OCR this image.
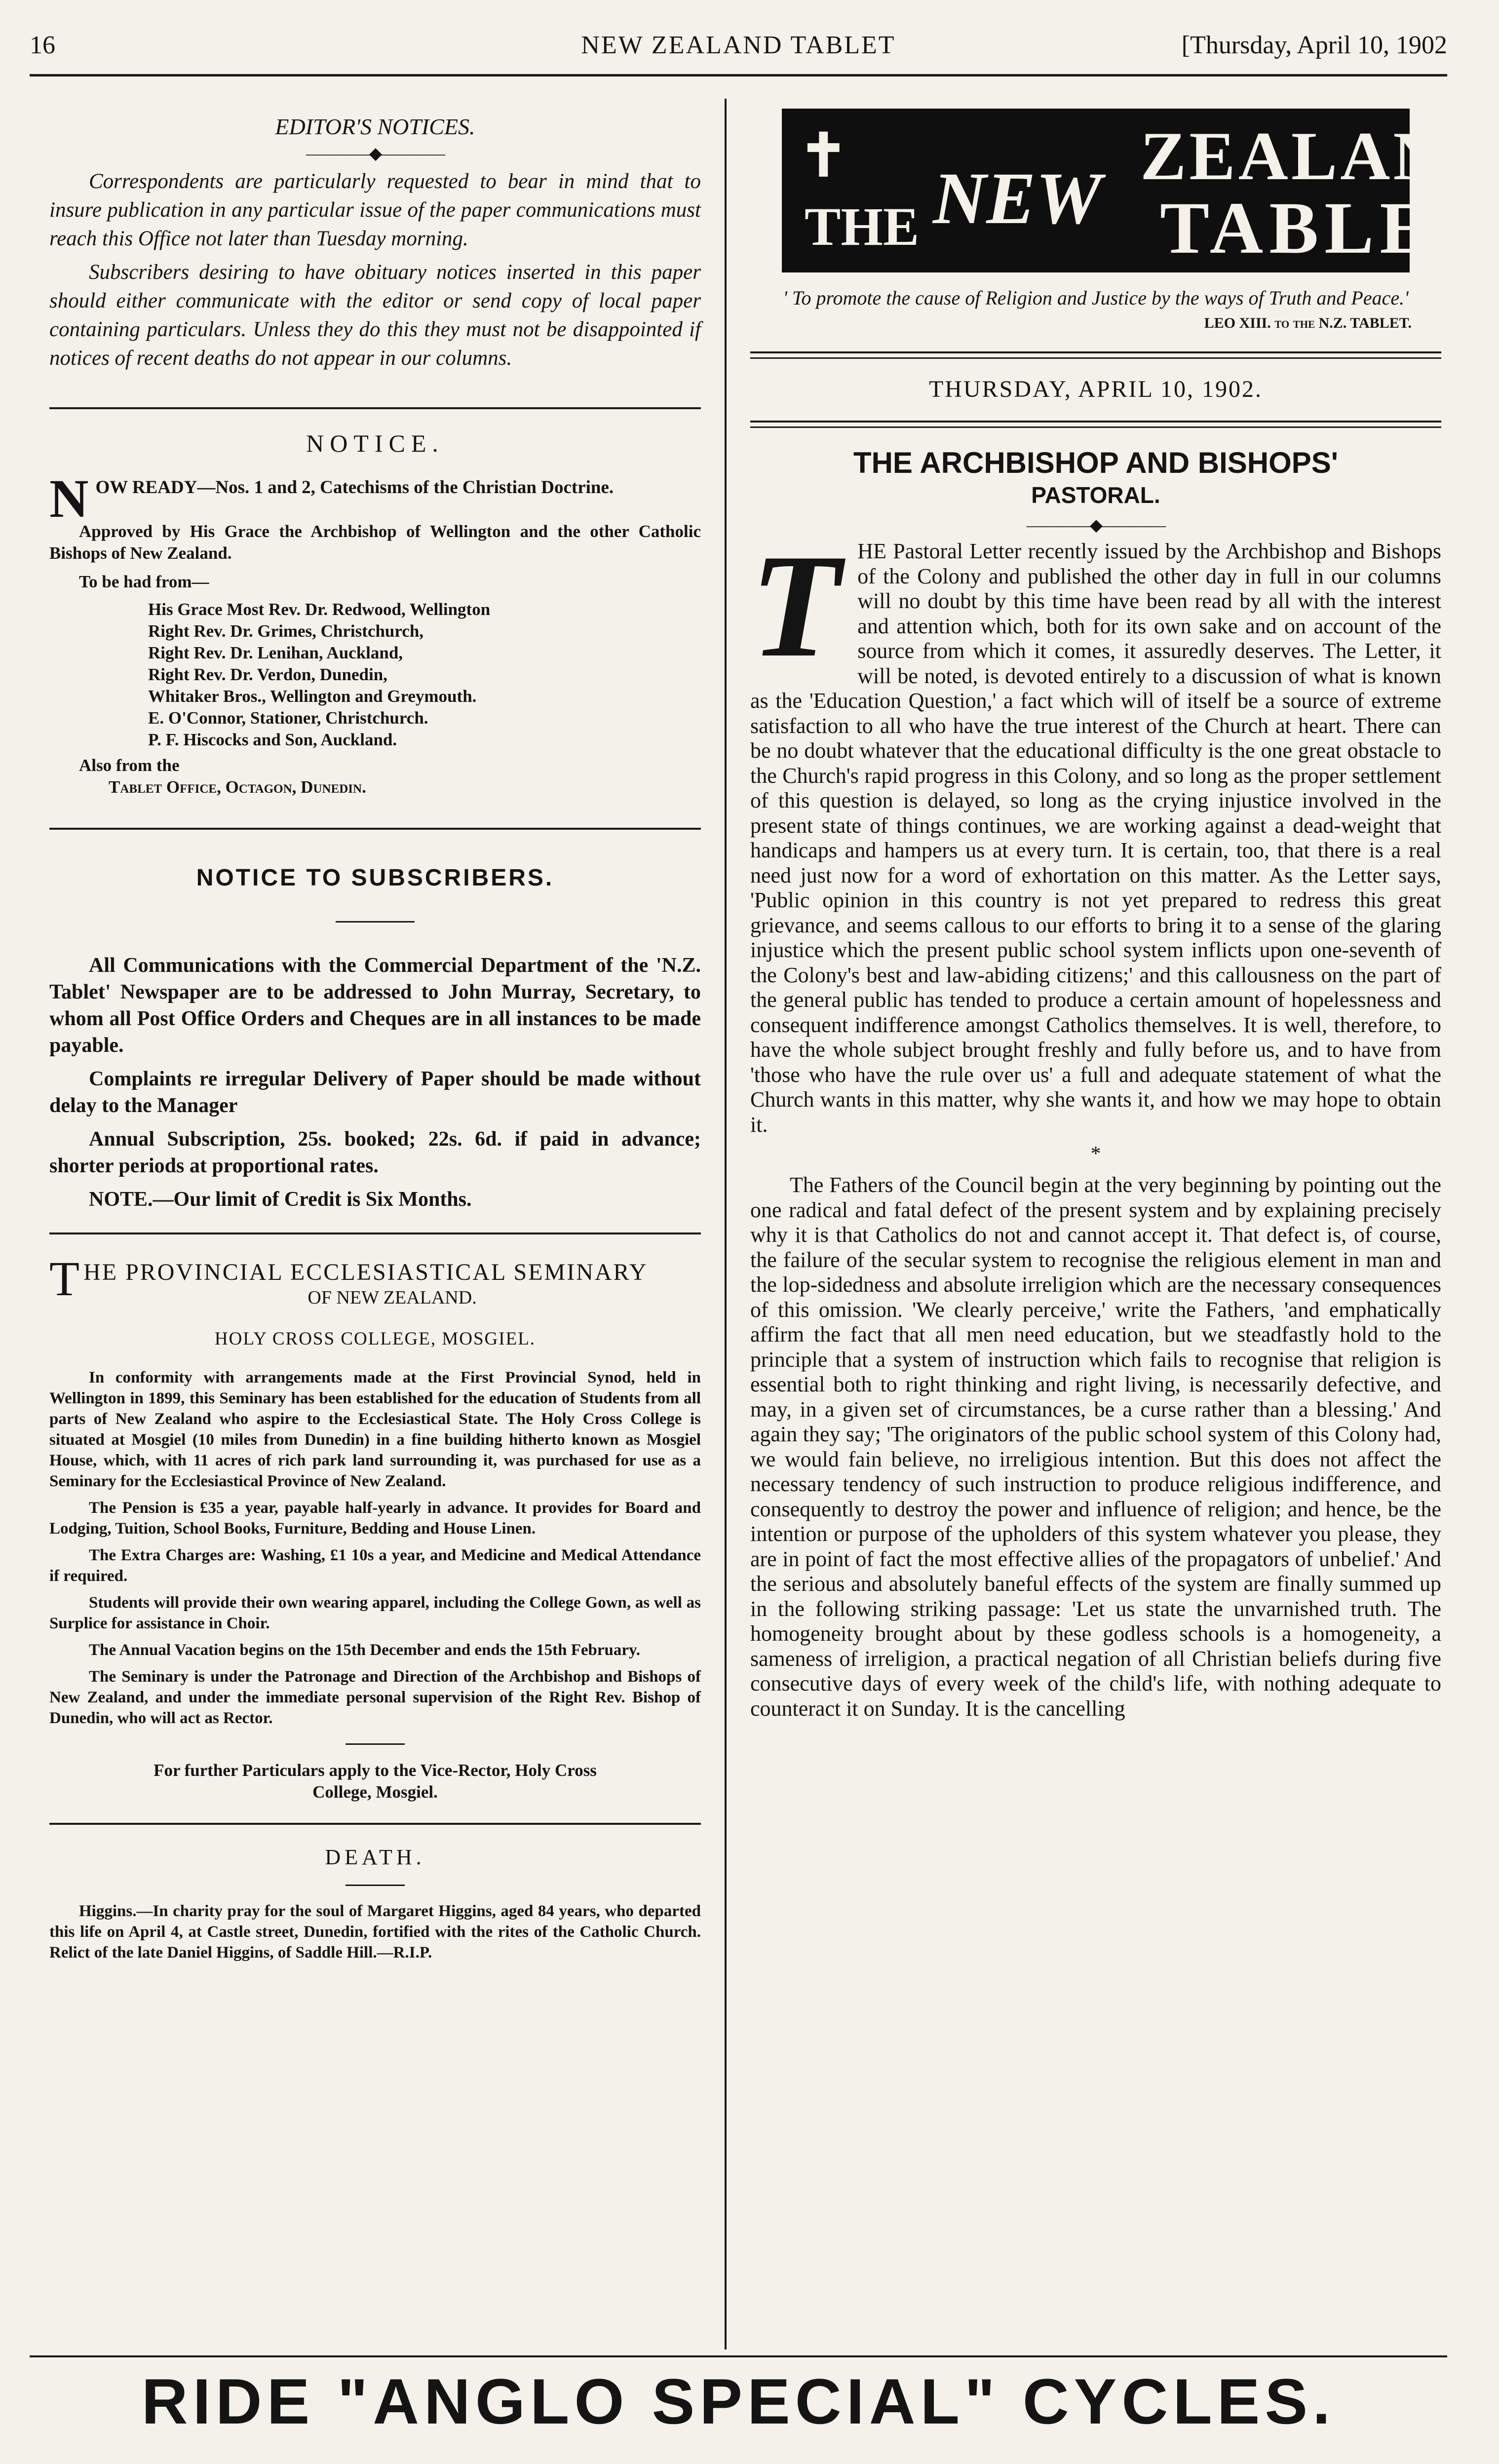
16	NEW ZEALAND TABLET	[Thursday, April 10, 1902
EDITOR'S NOTICES.
————◆————

Correspondents are particularly requested to bear in mind that to insure publication in any particular issue of the paper communications must reach this Office not later than Tuesday morning.

Subscribers desiring to have obituary notices inserted in this paper should either communicate with the editor or send copy of local paper containing particulars. Unless they do this they must not be disappointed if notices of recent deaths do not appear in our columns.

NOTICE.
N OW READY—Nos. 1 and 2, Catechisms of the Christian Doctrine.

Approved by His Grace the Archbishop of Wellington and the other Catholic Bishops of New Zealand.

To be had from—

His Grace Most Rev. Dr. Redwood, Wellington
Right Rev. Dr. Grimes, Christchurch,
Right Rev. Dr. Lenihan, Auckland,
Right Rev. Dr. Verdon, Dunedin,
Whitaker Bros., Wellington and Greymouth.
E. O'Connor, Stationer, Christchurch.
P. F. Hiscocks and Son, Auckland.

Also from the

Tablet Office, Octagon, Dunedin.

NOTICE TO SUBSCRIBERS.

All Communications with the Commercial Department of the 'N.Z. Tablet' Newspaper are to be addressed to John Murray, Secretary, to whom all Post Office Orders and Cheques are in all instances to be made payable.

Complaints re irregular Delivery of Paper should be made without delay to the Manager

Annual Subscription, 25s. booked; 22s. 6d. if paid in advance; shorter periods at proportional rates.

NOTE.—Our limit of Credit is Six Months.

T HE PROVINCIAL ECCLESIASTICAL SEMINARY
OF NEW ZEALAND.
HOLY CROSS COLLEGE, MOSGIEL.

In conformity with arrangements made at the First Provincial Synod, held in Wellington in 1899, this Seminary has been established for the education of Students from all parts of New Zealand who aspire to the Ecclesiastical State. The Holy Cross College is situated at Mosgiel (10 miles from Dunedin) in a fine building hitherto known as Mosgiel House, which, with 11 acres of rich park land surrounding it, was purchased for use as a Seminary for the Ecclesiastical Province of New Zealand.

The Pension is £35 a year, payable half-yearly in advance. It provides for Board and Lodging, Tuition, School Books, Furniture, Bedding and House Linen.

The Extra Charges are: Washing, £1 10s a year, and Medicine and Medical Attendance if required.

Students will provide their own wearing apparel, including the College Gown, as well as Surplice for assistance in Choir.

The Annual Vacation begins on the 15th December and ends the 15th February.

The Seminary is under the Patronage and Direction of the Archbishop and Bishops of New Zealand, and under the immediate personal supervision of the Right Rev. Bishop of Dunedin, who will act as Rector.

For further Particulars apply to the Vice-Rector, Holy Cross College, Mosgiel.

DEATH.

Higgins.—In charity pray for the soul of Margaret Higgins, aged 84 years, who departed this life on April 4, at Castle street, Dunedin, fortified with the rites of the Catholic Church. Relict of the late Daniel Higgins, of Saddle Hill.—R.I.P.

✝
THE NEW
ZEALAND
TABLET

' To promote the cause of Religion and Justice by the ways of Truth and Peace.'

LEO XIII. to the N.Z. TABLET.

THURSDAY, APRIL 10, 1902.
THE ARCHBISHOP AND BISHOPS'
PASTORAL.
————◆————

THE Pastoral Letter recently issued by the Archbishop and Bishops of the Colony and published the other day in full in our columns will no doubt by this time have been read by all with the interest and attention which, both for its own sake and on account of the source from which it comes, it assuredly deserves. The Letter, it will be noted, is devoted entirely to a discussion of what is known as the 'Education Question,' a fact which will of itself be a source of extreme satisfaction to all who have the true interest of the Church at heart. There can be no doubt whatever that the educational difficulty is the one great obstacle to the Church's rapid progress in this Colony, and so long as the proper settlement of this question is delayed, so long as the crying injustice involved in the present state of things continues, we are working against a dead-weight that handicaps and hampers us at every turn. It is certain, too, that there is a real need just now for a word of exhortation on this matter. As the Letter says, 'Public opinion in this country is not yet prepared to redress this great grievance, and seems callous to our efforts to bring it to a sense of the glaring injustice which the present public school system inflicts upon one-seventh of the Colony's best and law-abiding citizens;' and this callousness on the part of the general public has tended to produce a certain amount of hopelessness and consequent indifference amongst Catholics themselves. It is well, therefore, to have the whole subject brought freshly and fully before us, and to have from 'those who have the rule over us' a full and adequate statement of what the Church wants in this matter, why she wants it, and how we may hope to obtain it.

*

The Fathers of the Council begin at the very beginning by pointing out the one radical and fatal defect of the present system and by explaining precisely why it is that Catholics do not and cannot accept it. That defect is, of course, the failure of the secular system to recognise the religious element in man and the lop-sidedness and absolute irreligion which are the necessary consequences of this omission. 'We clearly perceive,' write the Fathers, 'and emphatically affirm the fact that all men need education, but we steadfastly hold to the principle that a system of instruction which fails to recognise that religion is essential both to right thinking and right living, is necessarily defective, and may, in a given set of circumstances, be a curse rather than a blessing.' And again they say; 'The originators of the public school system of this Colony had, we would fain believe, no irreligious intention. But this does not affect the necessary tendency of such instruction to produce religious indifference, and consequently to destroy the power and influence of religion; and hence, be the intention or purpose of the upholders of this system whatever you please, they are in point of fact the most effective allies of the propagators of unbelief.' And the serious and absolutely baneful effects of the system are finally summed up in the following striking passage: 'Let us state the unvarnished truth. The homogeneity brought about by these godless schools is a homogeneity, a sameness of irreligion, a practical negation of all Christian beliefs during five consecutive days of every week of the child's life, with nothing adequate to counteract it on Sunday. It is the cancelling

RIDE "ANGLO SPECIAL" CYCLES.
